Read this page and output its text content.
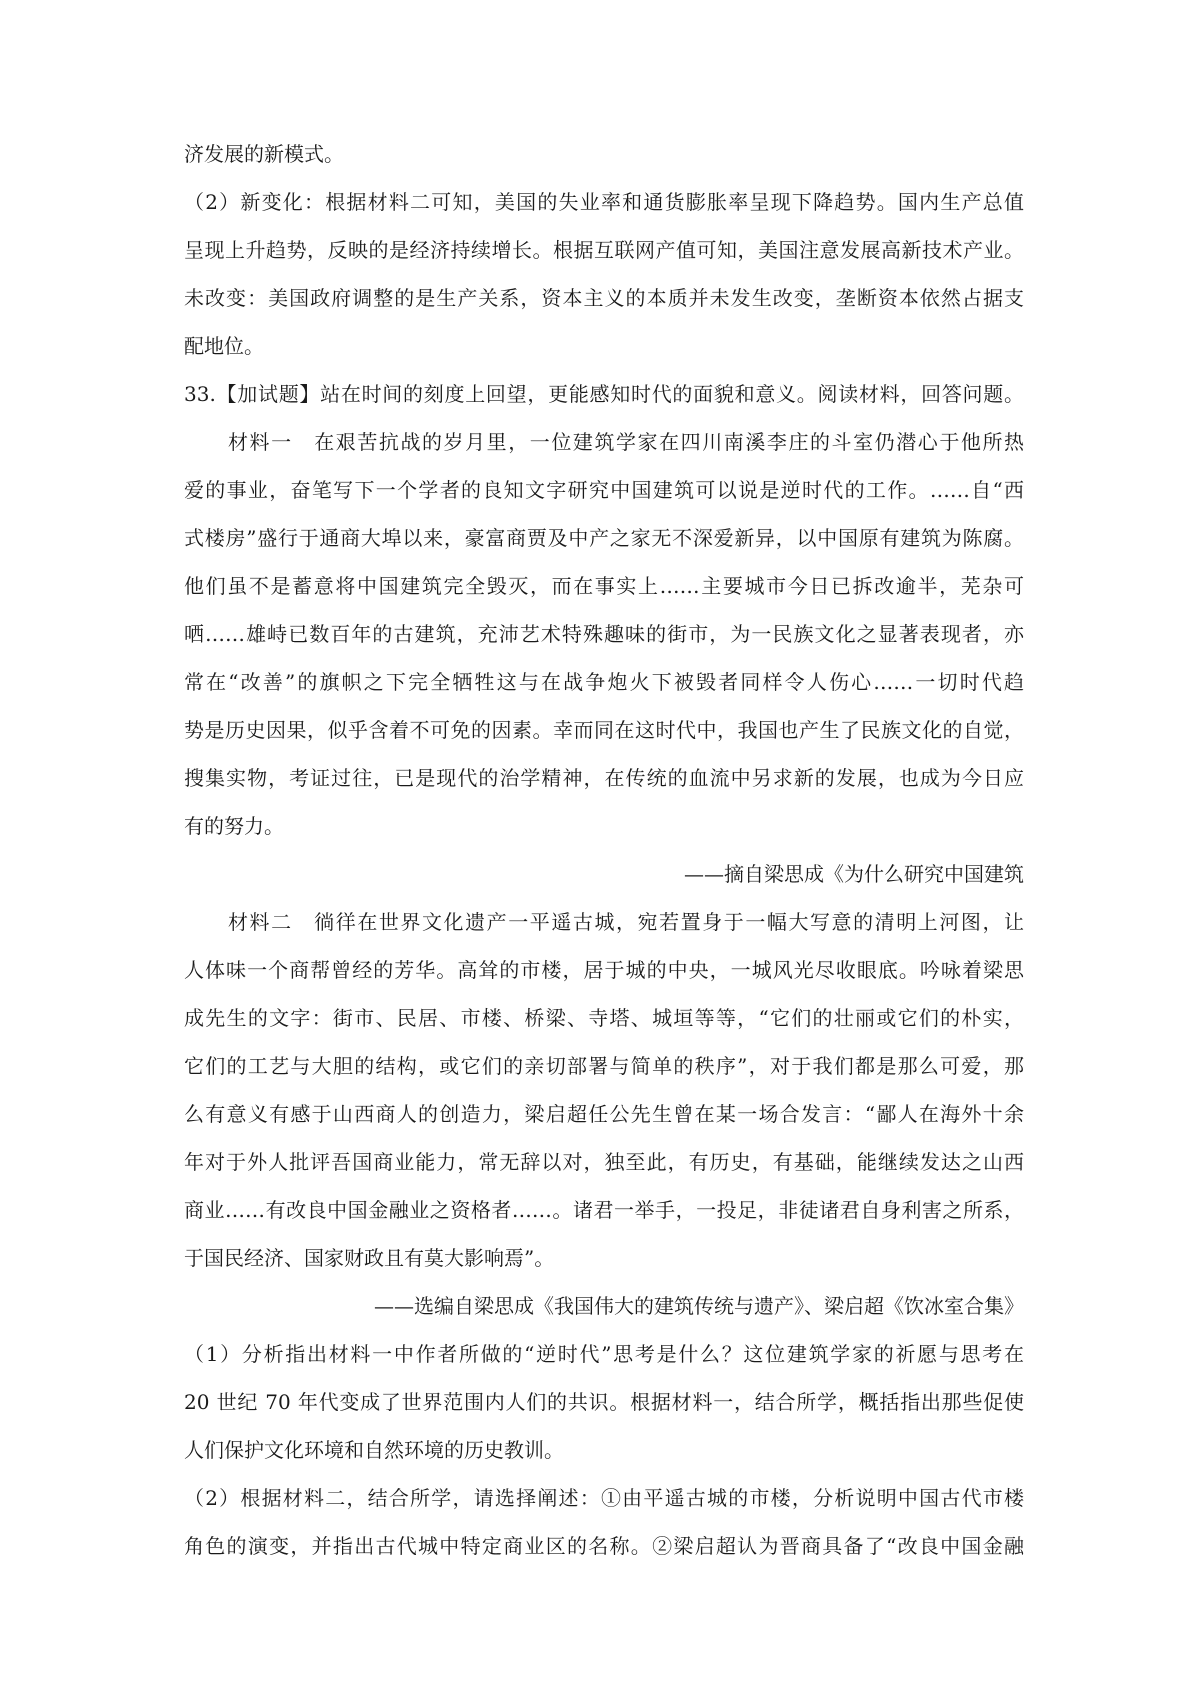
济发展的新模式。
（2）新变化：根据材料二可知，美国的失业率和通货膨胀率呈现下降趋势。国内生产总值
呈现上升趋势，反映的是经济持续增长。根据互联网产值可知，美国注意发展高新技术产业。
未改变：美国政府调整的是生产关系，资本主义的本质并未发生改变，垄断资本依然占据支
配地位。
33.【加试题】站在时间的刻度上回望，更能感知时代的面貌和意义。阅读材料，回答问题。
材料一　在艰苦抗战的岁月里，一位建筑学家在四川南溪李庄的斗室仍潜心于他所热
爱的事业，奋笔写下一个学者的良知文字研究中国建筑可以说是逆时代的工作。……自“西
式楼房”盛行于通商大埠以来，豪富商贾及中产之家无不深爱新异，以中国原有建筑为陈腐。
他们虽不是蓄意将中国建筑完全毁灭，而在事实上……主要城市今日已拆改逾半，芜杂可
哂……雄峙已数百年的古建筑，充沛艺术特殊趣味的街市，为一民族文化之显著表现者，亦
常在“改善”的旗帜之下完全牺牲这与在战争炮火下被毁者同样令人伤心……一切时代趋
势是历史因果，似乎含着不可免的因素。幸而同在这时代中，我国也产生了民族文化的自觉，
搜集实物，考证过往，已是现代的治学精神，在传统的血流中另求新的发展，也成为今日应
有的努力。
——摘自梁思成《为什么研究中国建筑
材料二　徜徉在世界文化遗产一平遥古城，宛若置身于一幅大写意的清明上河图，让
人体味一个商帮曾经的芳华。高耸的市楼，居于城的中央，一城风光尽收眼底。吟咏着梁思
成先生的文字：街市、民居、市楼、桥梁、寺塔、城垣等等，“它们的壮丽或它们的朴实，
它们的工艺与大胆的结构，或它们的亲切部署与简单的秩序”，对于我们都是那么可爱，那
么有意义有感于山西商人的创造力，梁启超任公先生曾在某一场合发言：“鄙人在海外十余
年对于外人批评吾国商业能力，常无辞以对，独至此，有历史，有基础，能继续发达之山西
商业……有改良中国金融业之资格者……。诸君一举手，一投足，非徒诸君自身利害之所系，
于国民经济、国家财政且有莫大影响焉”。
——选编自梁思成《我国伟大的建筑传统与遗产》、梁启超《饮冰室合集》
（1）分析指出材料一中作者所做的“逆时代”思考是什么？这位建筑学家的祈愿与思考在
20 世纪 70 年代变成了世界范围内人们的共识。根据材料一，结合所学，概括指出那些促使
人们保护文化环境和自然环境的历史教训。
（2）根据材料二，结合所学，请选择阐述：①由平遥古城的市楼，分析说明中国古代市楼
角色的演变，并指出古代城中特定商业区的名称。②梁启超认为晋商具备了“改良中国金融
